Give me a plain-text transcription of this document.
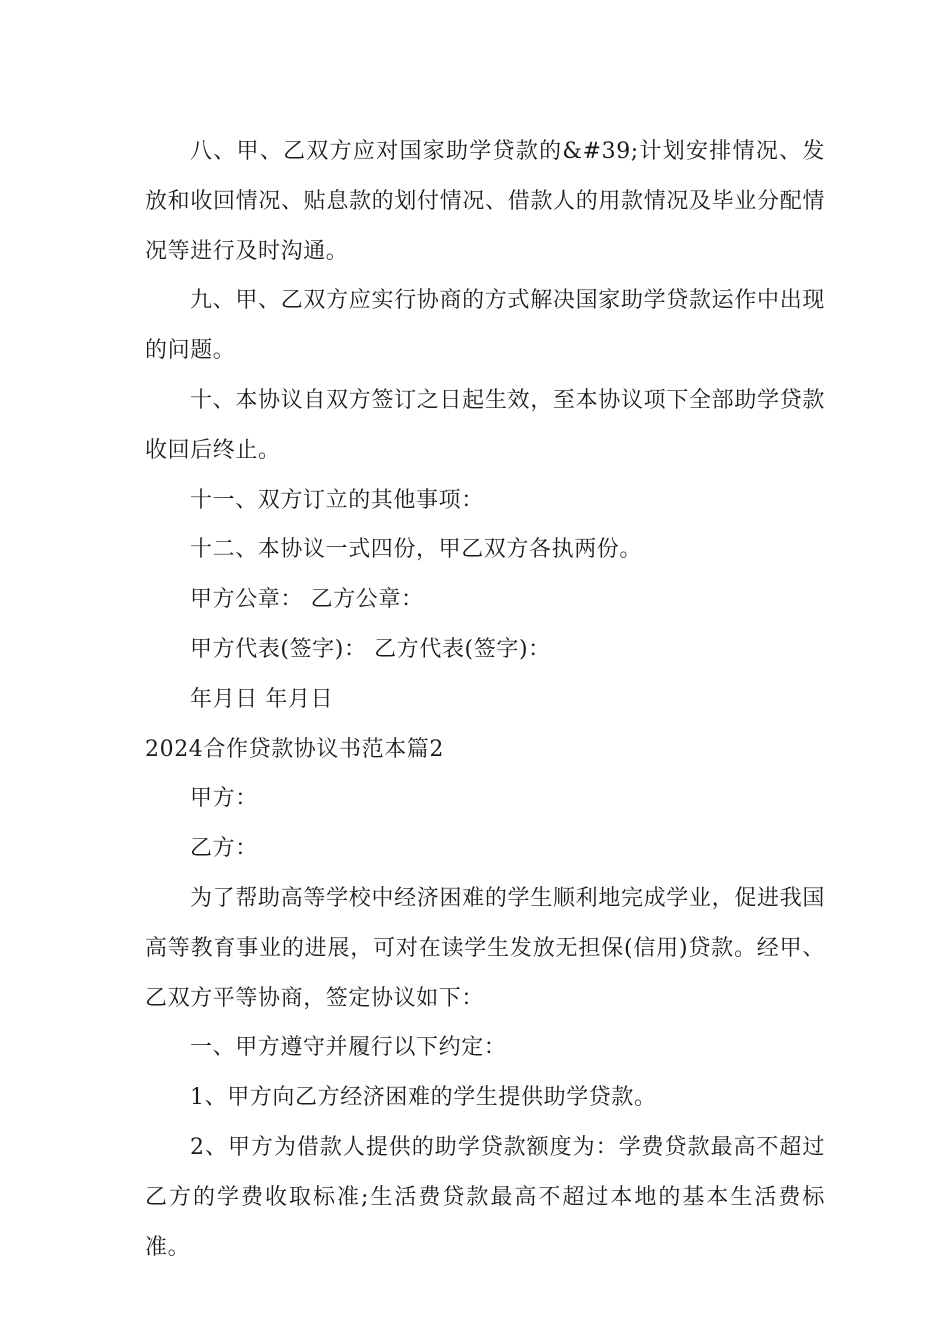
八、甲、乙双方应对国家助学贷款的&#39;计划安排情况、发放和收回情况、贴息款的划付情况、借款人的用款情况及毕业分配情况等进行及时沟通。

九、甲、乙双方应实行协商的方式解决国家助学贷款运作中出现的问题。

十、本协议自双方签订之日起生效，至本协议项下全部助学贷款收回后终止。

十一、双方订立的其他事项：

十二、本协议一式四份，甲乙双方各执两份。

甲方公章： 乙方公章：

甲方代表(签字)： 乙方代表(签字)：

年月日 年月日

2024合作贷款协议书范本篇2

甲方：

乙方：

为了帮助高等学校中经济困难的学生顺利地完成学业，促进我国高等教育事业的进展，可对在读学生发放无担保(信用)贷款。经甲、乙双方平等协商，签定协议如下：

一、甲方遵守并履行以下约定：

1、甲方向乙方经济困难的学生提供助学贷款。

2、甲方为借款人提供的助学贷款额度为：学费贷款最高不超过乙方的学费收取标准;生活费贷款最高不超过本地的基本生活费标准。
